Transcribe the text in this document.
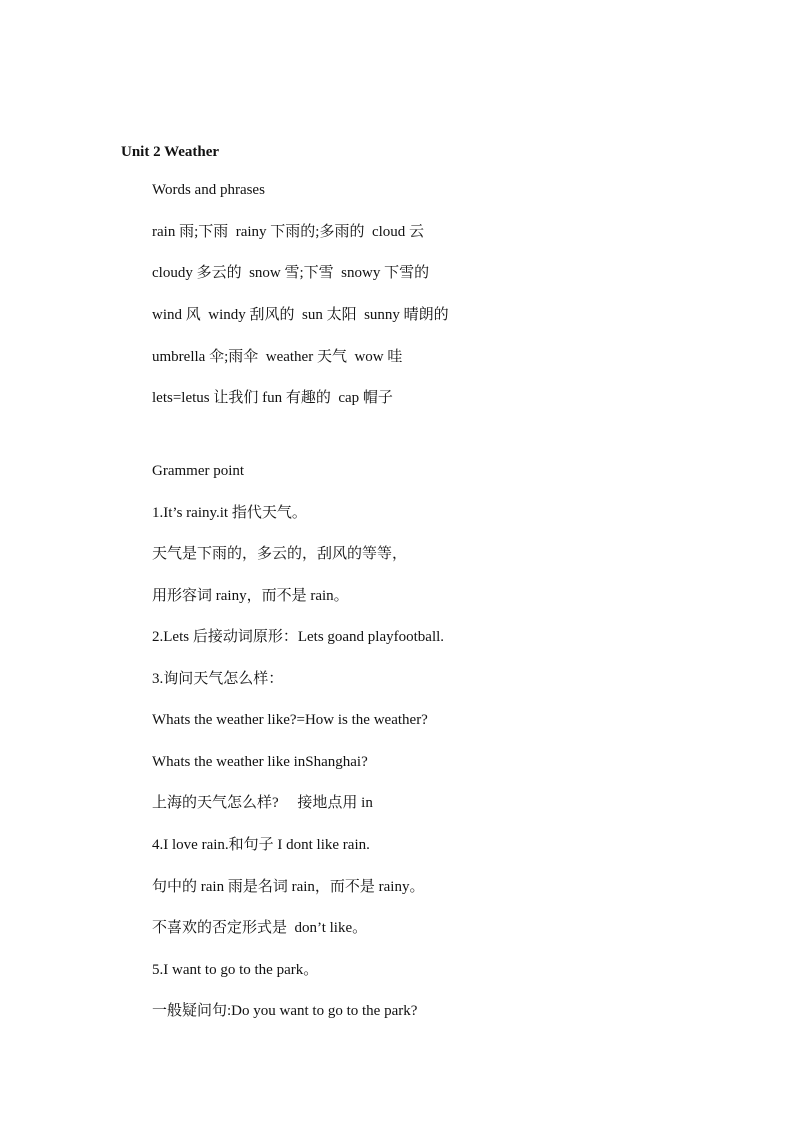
Unit 2 Weather
Words and phrases
rain 雨;下雨  rainy 下雨的;多雨的  cloud 云
cloudy 多云的  snow 雪;下雪  snowy 下雪的
wind 风  windy 刮风的  sun 太阳  sunny 晴朗的
umbrella 伞;雨伞  weather 天气  wow 哇
lets=letus 让我们 fun 有趣的  cap 帽子
Grammer point
1.It’s rainy.it 指代天气。
天气是下雨的，多云的，刮风的等等，
用形容词 rainy，而不是 rain。
2.Lets 后接动词原形：Lets goand playfootball.
3.询问天气怎么样：
Whats the weather like?=How is the weather?
Whats the weather like inShanghai?
上海的天气怎么样?     接地点用 in
4.I love rain.和句子 I dont like rain.
句中的 rain 雨是名词 rain，而不是 rainy。
不喜欢的否定形式是  don’t like。
5.I want to go to the park。
一般疑问句:Do you want to go to the park?
